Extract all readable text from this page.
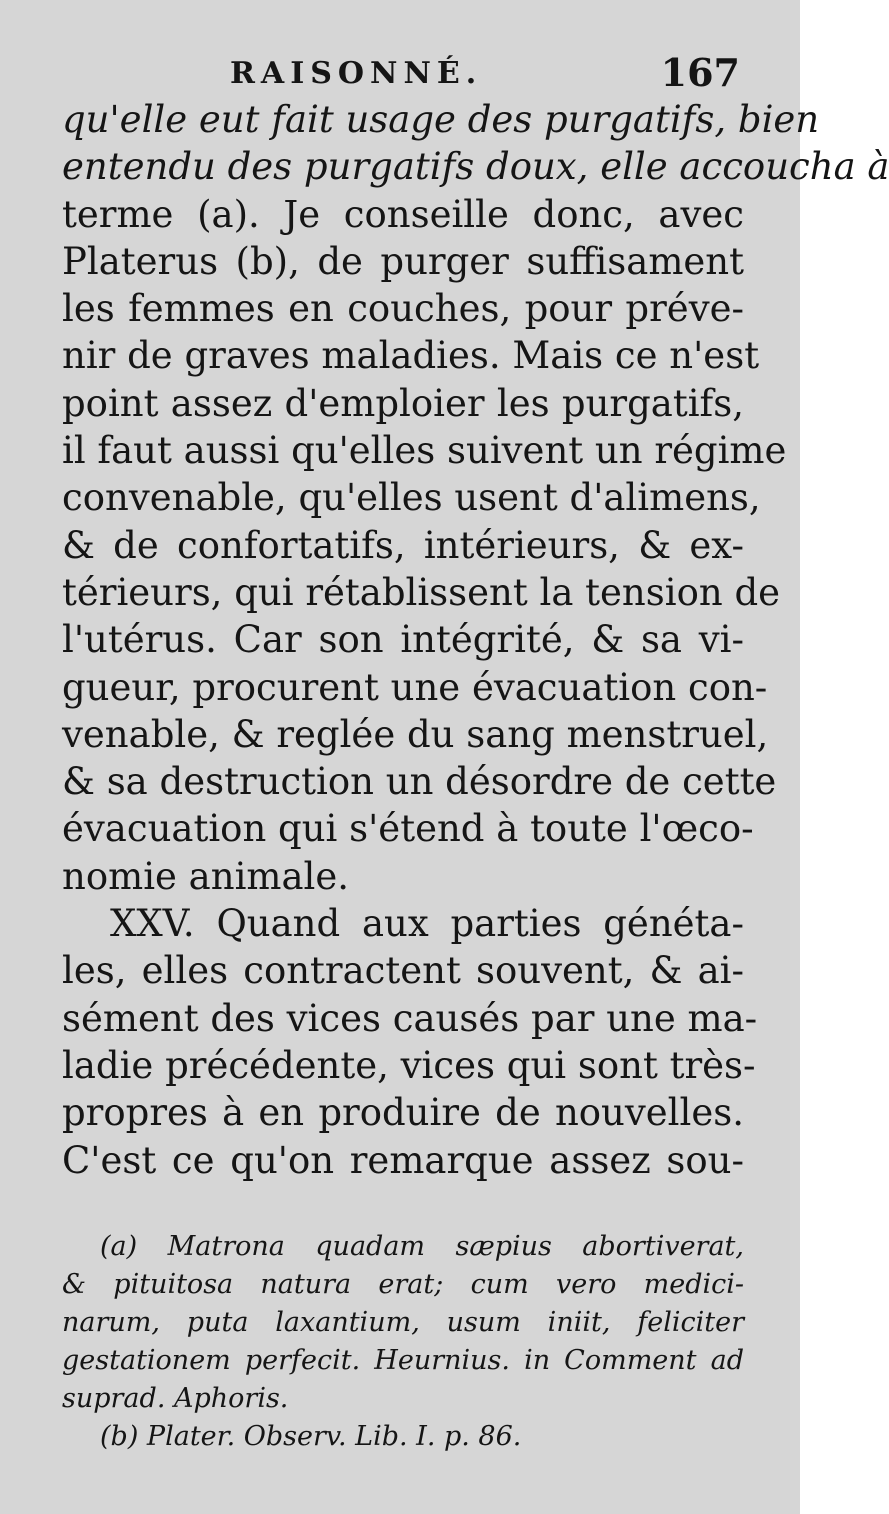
RAISONNÉ.	167
qu'elle eut fait usage des purgatifs, bien
entendu des purgatifs doux, elle accoucha à
terme (a). Je conseille donc, avec
Platerus (b), de purger suffisament
les femmes en couches, pour préve-
nir de graves maladies. Mais ce n'est
point assez d'emploier les purgatifs,
il faut aussi qu'elles suivent un régime
convenable, qu'elles usent d'alimens,
& de confortatifs, intérieurs, & ex-
térieurs, qui rétablissent la tension de
l'utérus. Car son intégrité, & sa vi-
gueur, procurent une évacuation con-
venable, & reglée du sang menstruel,
& sa destruction un désordre de cette
évacuation qui s'étend à toute l'œco-
nomie animale.
XXV. Quand aux parties généta-
les, elles contractent souvent, & ai-
sément des vices causés par une ma-
ladie précédente, vices qui sont très-
propres à en produire de nouvelles.
C'est ce qu'on remarque assez sou-
(a) Matrona quadam sæpius abortiverat,
& pituitosa natura erat; cum vero medici-
narum, puta laxantium, usum iniit, feliciter
gestationem perfecit. Heurnius. in Comment ad
suprad. Aphoris.
(b) Plater. Observ. Lib. I. p. 86.
